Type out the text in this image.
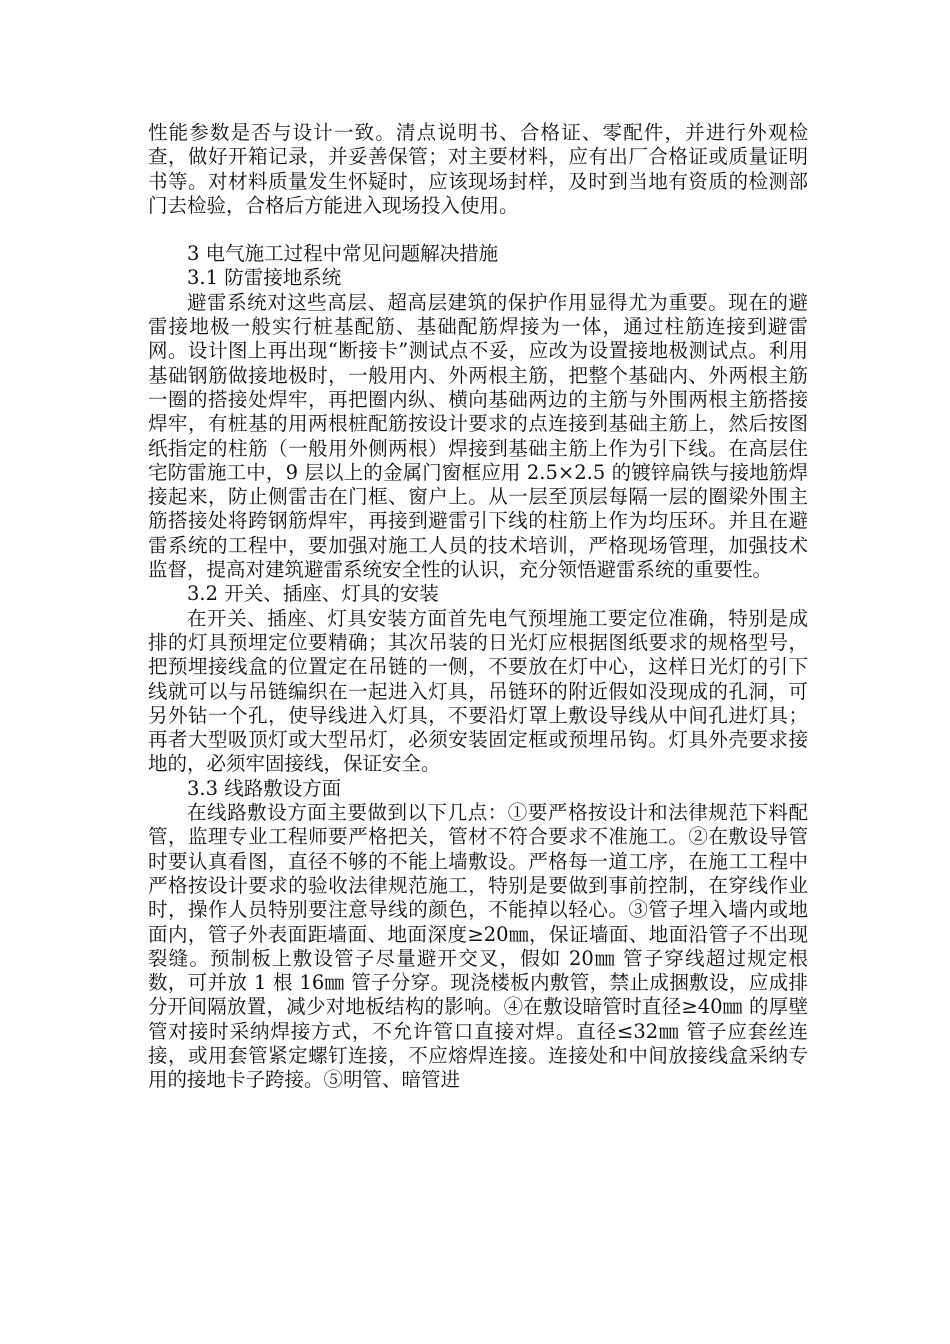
性能参数是否与设计一致。清点说明书、合格证、零配件，并进行外观检查，做好开箱记录，并妥善保管；对主要材料，应有出厂合格证或质量证明书等。对材料质量发生怀疑时，应该现场封样，及时到当地有资质的检测部门去检验，合格后方能进入现场投入使用。

3 电气施工过程中常见问题解决措施

3.1 防雷接地系统

避雷系统对这些高层、超高层建筑的保护作用显得尤为重要。现在的避雷接地极一般实行桩基配筋、基础配筋焊接为一体，通过柱筋连接到避雷网。设计图上再出现“断接卡”测试点不妥，应改为设置接地极测试点。利用基础钢筋做接地极时，一般用内、外两根主筋，把整个基础内、外两根主筋一圈的搭接处焊牢，再把圈内纵、横向基础两边的主筋与外围两根主筋搭接焊牢，有桩基的用两根桩配筋按设计要求的点连接到基础主筋上，然后按图纸指定的柱筋（一般用外侧两根）焊接到基础主筋上作为引下线。在高层住宅防雷施工中，9 层以上的金属门窗框应用 2.5×2.5 的镀锌扁铁与接地筋焊接起来，防止侧雷击在门框、窗户上。从一层至顶层每隔一层的圈梁外围主筋搭接处将跨钢筋焊牢，再接到避雷引下线的柱筋上作为均压环。并且在避雷系统的工程中，要加强对施工人员的技术培训，严格现场管理，加强技术监督，提高对建筑避雷系统安全性的认识，充分领悟避雷系统的重要性。

3.2 开关、插座、灯具的安装

在开关、插座、灯具安装方面首先电气预埋施工要定位准确，特别是成排的灯具预埋定位要精确；其次吊装的日光灯应根据图纸要求的规格型号，把预埋接线盒的位置定在吊链的一侧，不要放在灯中心，这样日光灯的引下线就可以与吊链编织在一起进入灯具，吊链环的附近假如没现成的孔洞，可另外钻一个孔，使导线进入灯具，不要沿灯罩上敷设导线从中间孔进灯具；再者大型吸顶灯或大型吊灯，必须安装固定框或预埋吊钩。灯具外壳要求接地的，必须牢固接线，保证安全。

3.3 线路敷设方面

在线路敷设方面主要做到以下几点：①要严格按设计和法律规范下料配管，监理专业工程师要严格把关，管材不符合要求不准施工。②在敷设导管时要认真看图，直径不够的不能上墙敷设。严格每一道工序，在施工工程中严格按设计要求的验收法律规范施工，特别是要做到事前控制，在穿线作业时，操作人员特别要注意导线的颜色，不能掉以轻心。③管子埋入墙内或地面内，管子外表面距墙面、地面深度≥20㎜，保证墙面、地面沿管子不出现裂缝。预制板上敷设管子尽量避开交叉，假如 20㎜ 管子穿线超过规定根数，可并放 1 根 16㎜ 管子分穿。现浇楼板内敷管，禁止成捆敷设，应成排分开间隔放置，减少对地板结构的影响。④在敷设暗管时直径≥40㎜ 的厚壁管对接时采纳焊接方式，不允许管口直接对焊。直径≤32㎜ 管子应套丝连接，或用套管紧定螺钉连接，不应熔焊连接。连接处和中间放接线盒采纳专用的接地卡子跨接。⑤明管、暗管进
